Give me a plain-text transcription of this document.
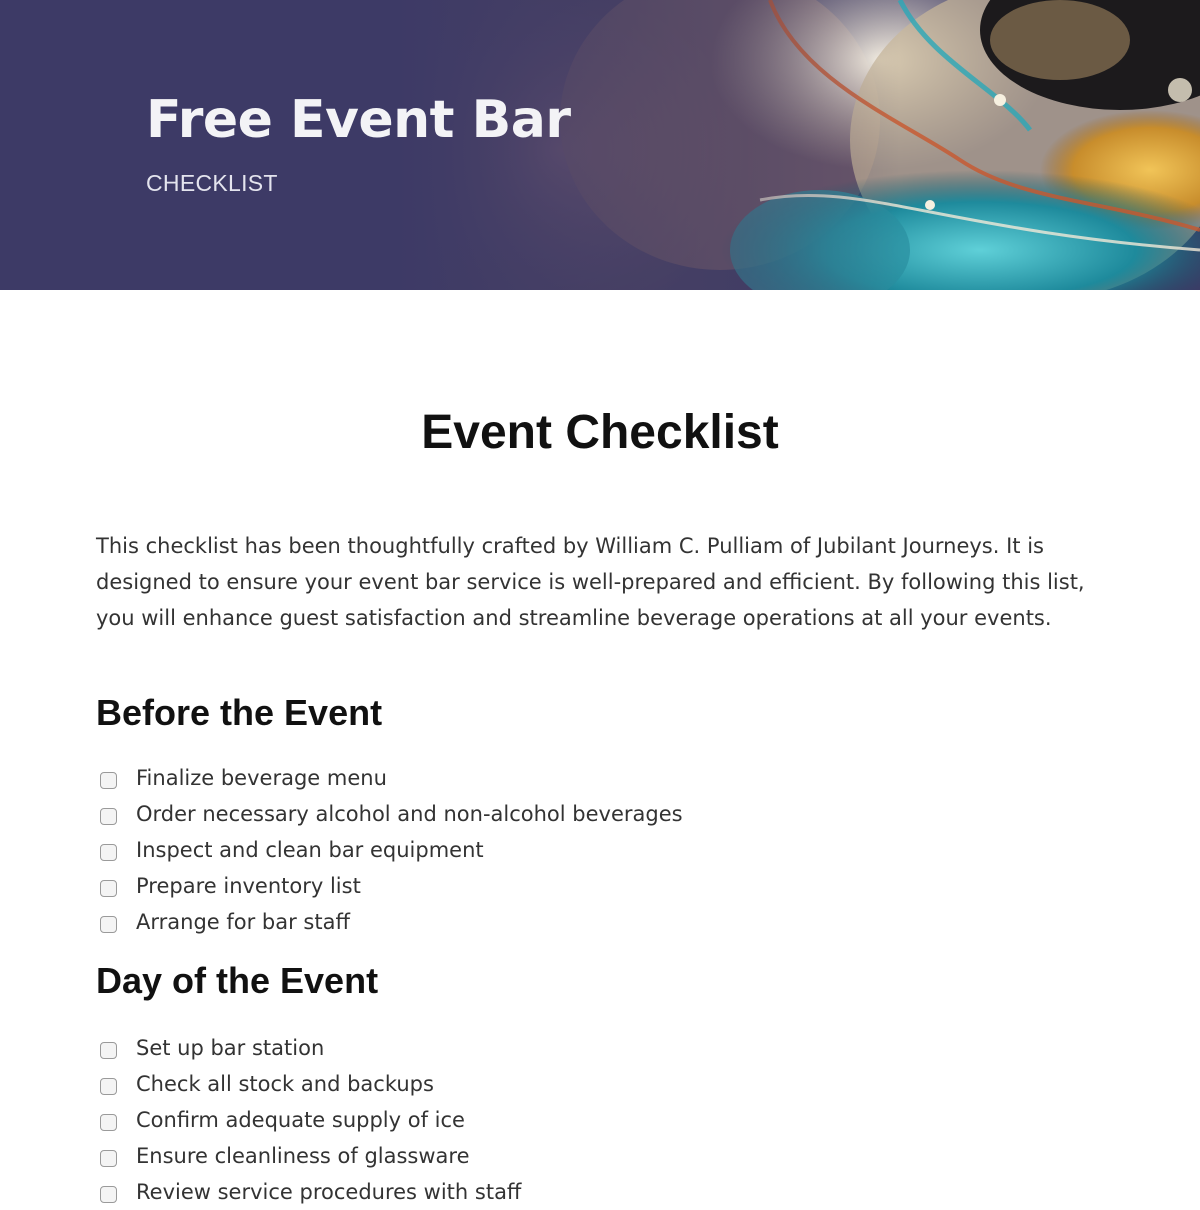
Free Event Bar

CHECKLIST

Event Checklist

This checklist has been thoughtfully crafted by William C. Pulliam of Jubilant Journeys. It is designed to ensure your event bar service is well-prepared and efficient. By following this list, you will enhance guest satisfaction and streamline beverage operations at all your events.

Before the Event
Finalize beverage menu
Order necessary alcohol and non-alcohol beverages
Inspect and clean bar equipment
Prepare inventory list
Arrange for bar staff
Day of the Event
Set up bar station
Check all stock and backups
Confirm adequate supply of ice
Ensure cleanliness of glassware
Review service procedures with staff
